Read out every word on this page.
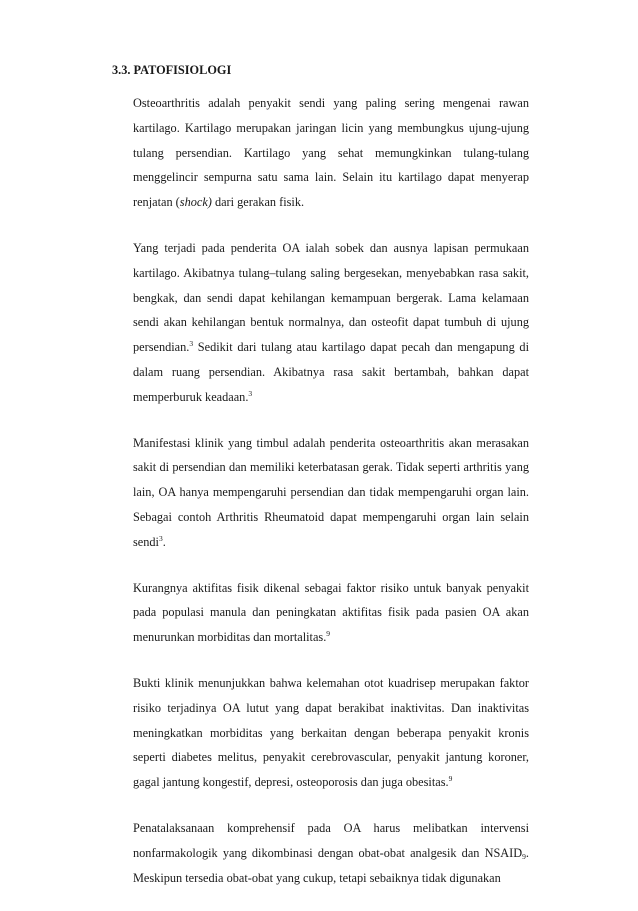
3.3. PATOFISIOLOGI

Osteoarthritis adalah penyakit sendi yang paling sering mengenai rawan kartilago. Kartilago merupakan jaringan licin yang membungkus ujung-ujung tulang persendian. Kartilago yang sehat memungkinkan tulang-tulang menggelincir sempurna satu sama lain. Selain itu kartilago dapat menyerap renjatan (shock) dari gerakan fisik.

Yang terjadi pada penderita OA ialah sobek dan ausnya lapisan permukaan kartilago. Akibatnya tulang–tulang saling bergesekan, menyebabkan rasa sakit, bengkak, dan sendi dapat kehilangan kemampuan bergerak. Lama kelamaan sendi akan kehilangan bentuk normalnya, dan osteofit dapat tumbuh di ujung persendian.$^3$ Sedikit dari tulang atau kartilago dapat pecah dan mengapung di dalam ruang persendian. Akibatnya rasa sakit bertambah, bahkan dapat memperburuk keadaan.$^3$

Manifestasi klinik yang timbul adalah penderita osteoarthritis akan merasakan sakit di persendian dan memiliki keterbatasan gerak. Tidak seperti arthritis yang lain, OA hanya mempengaruhi persendian dan tidak mempengaruhi organ lain. Sebagai contoh Arthritis Rheumatoid dapat mempengaruhi organ lain selain sendi$^3$.

Kurangnya aktifitas fisik dikenal sebagai faktor risiko untuk banyak penyakit pada populasi manula dan peningkatan aktifitas fisik pada pasien OA akan menurunkan morbiditas dan mortalitas.$^9$

Bukti klinik menunjukkan bahwa kelemahan otot kuadrisep merupakan faktor risiko terjadinya OA lutut yang dapat berakibat inaktivitas. Dan inaktivitas meningkatkan morbiditas yang berkaitan dengan beberapa penyakit kronis seperti diabetes melitus, penyakit cerebrovascular, penyakit jantung koroner, gagal jantung kongestif, depresi, osteoporosis dan juga obesitas.$^9$

Penatalaksanaan komprehensif pada OA harus melibatkan intervensi nonfarmakologik yang dikombinasi dengan obat-obat analgesik dan $NSAID_9$. Meskipun tersedia obat-obat yang cukup, tetapi sebaiknya tidak digunakan
